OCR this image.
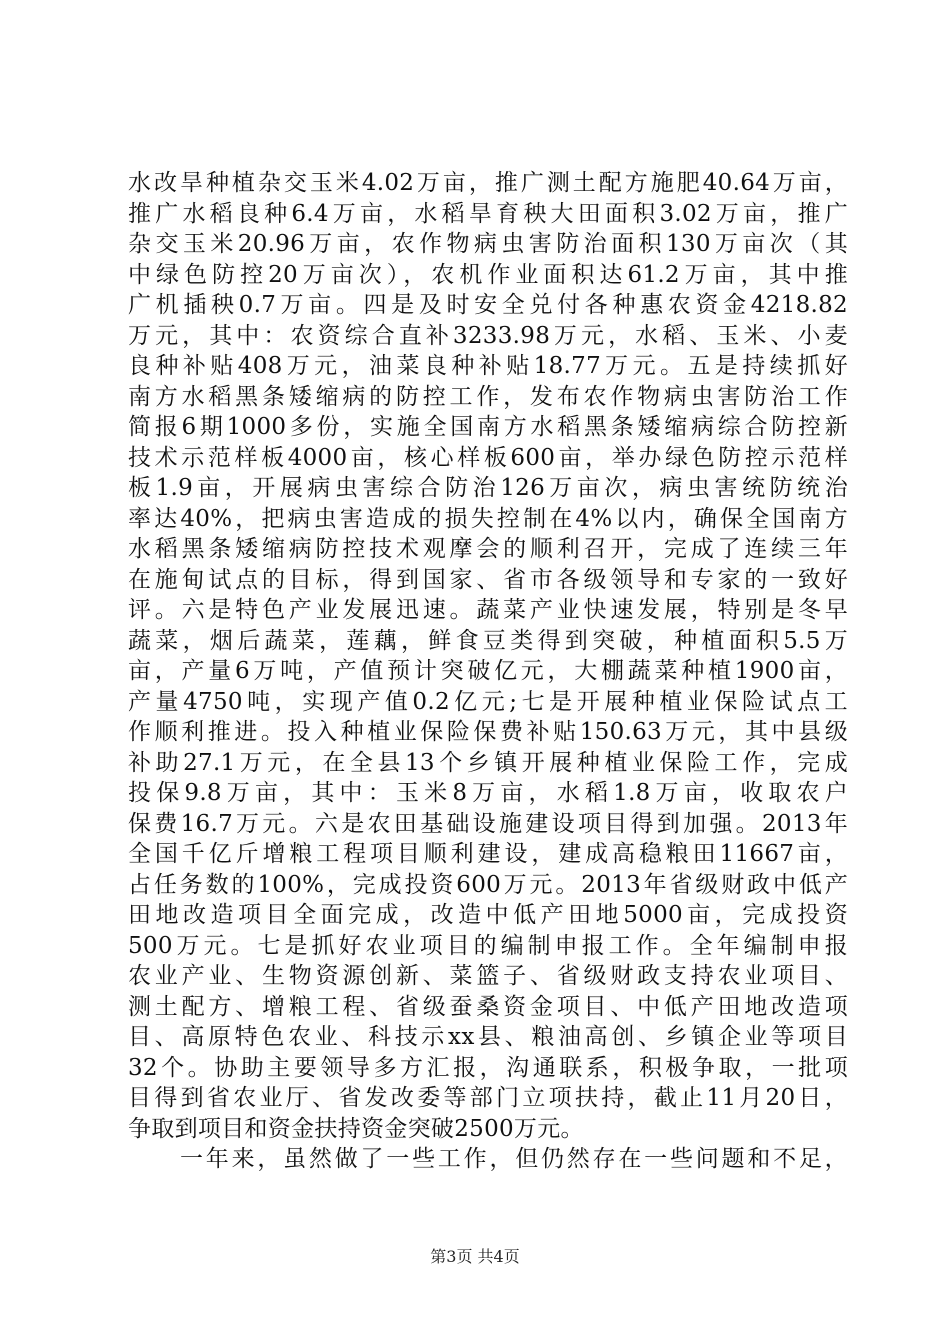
水改旱种植杂交玉米4.02万亩，推广测土配方施肥40.64万亩，
推广水稻良种6.4万亩，水稻旱育秧大田面积3.02万亩，推广
杂交玉米20.96万亩，农作物病虫害防治面积130万亩次（其
中绿色防控20万亩次），农机作业面积达61.2万亩，其中推
广机插秧0.7万亩。四是及时安全兑付各种惠农资金4218.82
万元，其中：农资综合直补3233.98万元，水稻、玉米、小麦
良种补贴408万元，油菜良种补贴18.77万元。五是持续抓好
南方水稻黑条矮缩病的防控工作，发布农作物病虫害防治工作
简报6期1000多份，实施全国南方水稻黑条矮缩病综合防控新
技术示范样板4000亩，核心样板600亩，举办绿色防控示范样
板1.9亩，开展病虫害综合防治126万亩次，病虫害统防统治
率达40%，把病虫害造成的损失控制在4%以内，确保全国南方
水稻黑条矮缩病防控技术观摩会的顺利召开，完成了连续三年
在施甸试点的目标，得到国家、省市各级领导和专家的一致好
评。六是特色产业发展迅速。蔬菜产业快速发展，特别是冬早
蔬菜，烟后蔬菜，莲藕，鲜食豆类得到突破，种植面积5.5万
亩，产量6万吨，产值预计突破亿元，大棚蔬菜种植1900亩，
产量4750吨，实现产值0.2亿元;七是开展种植业保险试点工
作顺利推进。投入种植业保险保费补贴150.63万元，其中县级
补助27.1万元，在全县13个乡镇开展种植业保险工作，完成
投保9.8万亩，其中：玉米8万亩，水稻1.8万亩，收取农户
保费16.7万元。六是农田基础设施建设项目得到加强。2013年
全国千亿斤增粮工程项目顺利建设，建成高稳粮田11667亩，
占任务数的100%，完成投资600万元。2013年省级财政中低产
田地改造项目全面完成，改造中低产田地5000亩，完成投资
500万元。七是抓好农业项目的编制申报工作。全年编制申报
农业产业、生物资源创新、菜篮子、省级财政支持农业项目、
测土配方、增粮工程、省级蚕桑资金项目、中低产田地改造项
目、高原特色农业、科技示xx县、粮油高创、乡镇企业等项目
32个。协助主要领导多方汇报，沟通联系，积极争取，一批项
目得到省农业厅、省发改委等部门立项扶持，截止11月20日，
争取到项目和资金扶持资金突破2500万元。
一年来，虽然做了一些工作，但仍然存在一些问题和不足，
第3页 共4页
